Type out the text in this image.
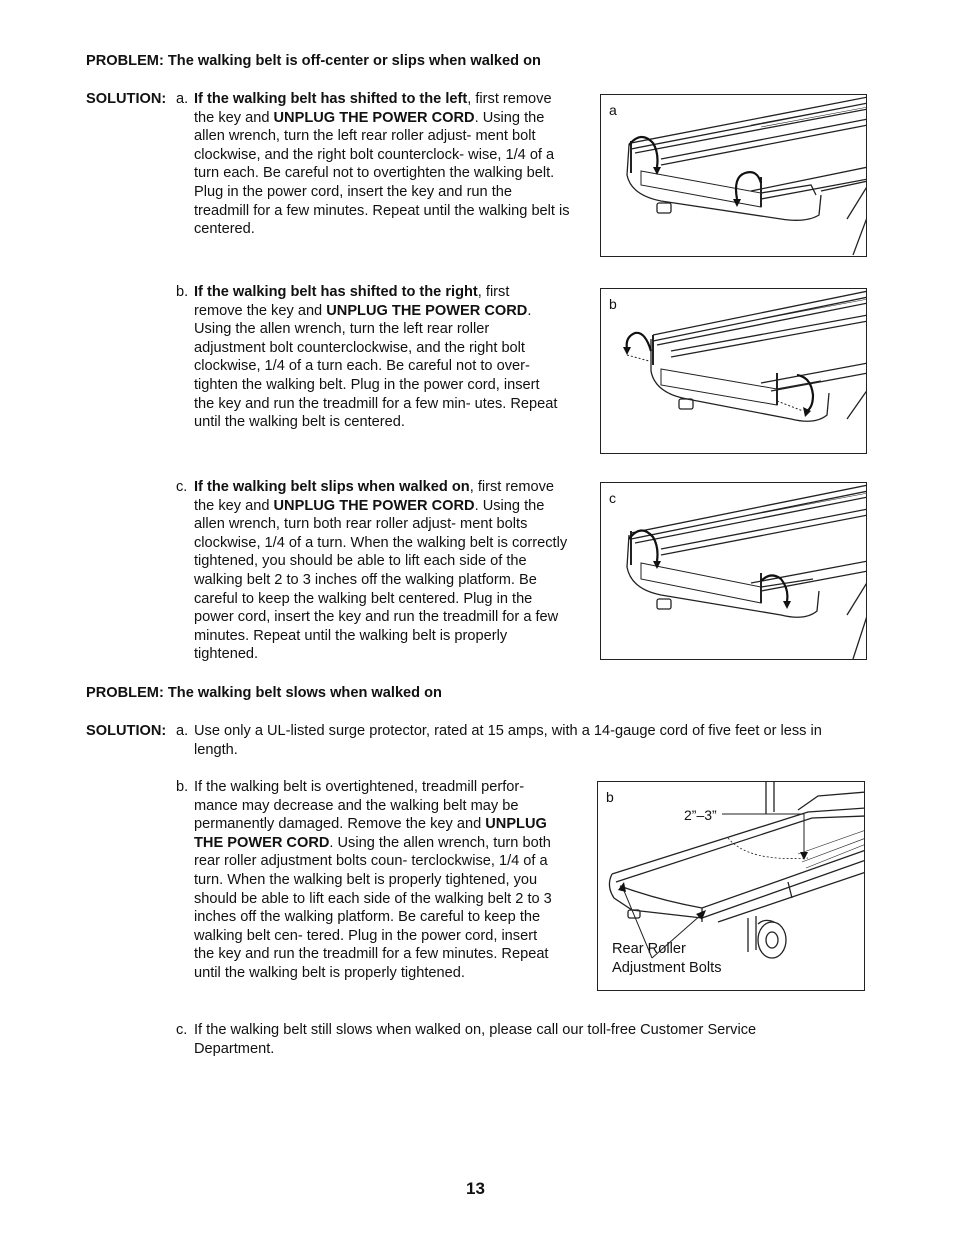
PROBLEM: The walking belt is off-center or slips when walked on
SOLUTION: a. If the walking belt has shifted to the left, first remove the key and UNPLUG THE POWER CORD. Using the allen wrench, turn the left rear roller adjust- ment bolt clockwise, and the right bolt counterclock- wise, 1/4 of a turn each. Be careful not to overtighten the walking belt. Plug in the power cord, insert the key and run the treadmill for a few minutes. Repeat until the walking belt is centered.
b. If the walking belt has shifted to the right, first remove the key and UNPLUG THE POWER CORD. Using the allen wrench, turn the left rear roller adjustment bolt counterclockwise, and the right bolt clockwise, 1/4 of a turn each. Be careful not to over- tighten the walking belt. Plug in the power cord, insert the key and run the treadmill for a few min- utes. Repeat until the walking belt is centered.
c. If the walking belt slips when walked on, first remove the key and UNPLUG THE POWER CORD. Using the allen wrench, turn both rear roller adjust- ment bolts clockwise, 1/4 of a turn. When the walking belt is correctly tightened, you should be able to lift each side of the walking belt 2 to 3 inches off the walking platform. Be careful to keep the walking belt centered. Plug in the power cord, insert the key and run the treadmill for a few minutes. Repeat until the walking belt is properly tightened.
a
b
c
PROBLEM: The walking belt slows when walked on
SOLUTION: a. Use only a UL-listed surge protector, rated at 15 amps, with a 14-gauge cord of five feet or less in length.
b. If the walking belt is overtightened, treadmill perfor- mance may decrease and the walking belt may be permanently damaged. Remove the key and UNPLUG THE POWER CORD. Using the allen wrench, turn both rear roller adjustment bolts coun- terclockwise, 1/4 of a turn. When the walking belt is properly tightened, you should be able to lift each side of the walking belt 2 to 3 inches off the walking platform. Be careful to keep the walking belt cen- tered. Plug in the power cord, insert the key and run the treadmill for a few minutes. Repeat until the walking belt is properly tightened.
b
2”–3”
Rear Roller
Adjustment Bolts
c. If the walking belt still slows when walked on, please call our toll-free Customer Service Department.
13
